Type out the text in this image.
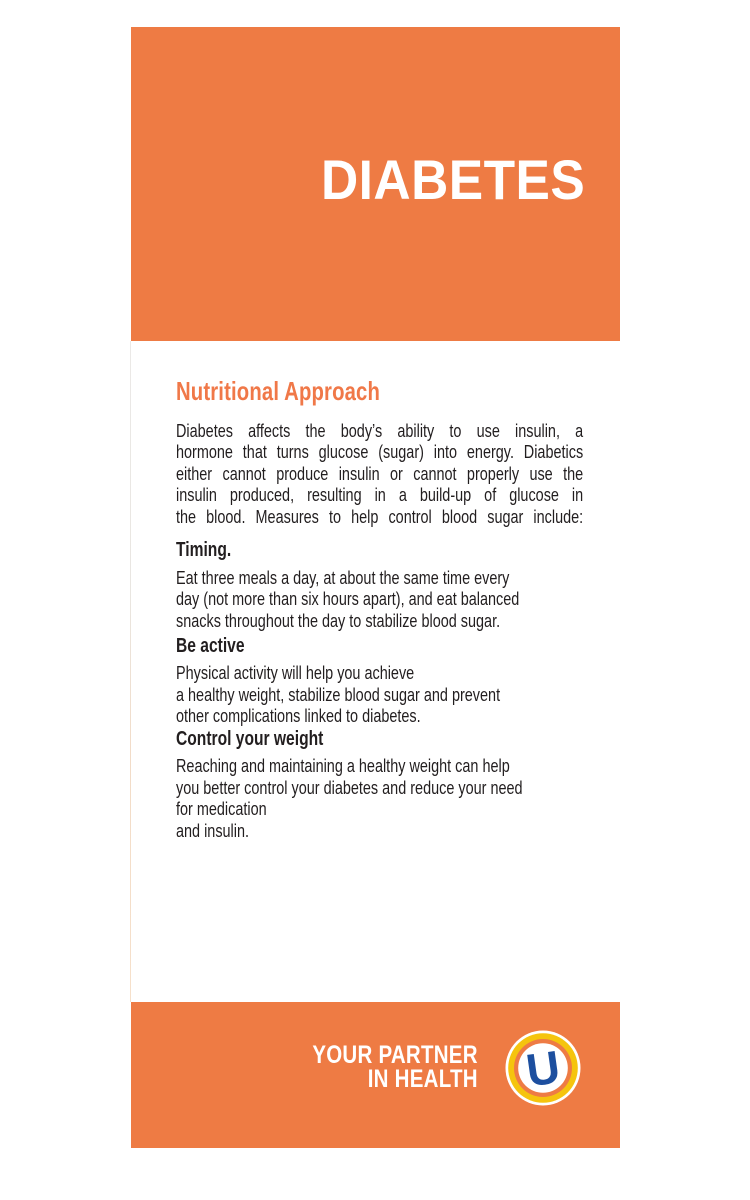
DIABETES
Nutritional Approach
Diabetes affects the body’s ability to use insulin, a
hormone that turns glucose (sugar) into energy. Diabetics
either cannot produce insulin or cannot properly use the
insulin produced, resulting in a build-up of glucose in
the blood. Measures to help control blood sugar include:
Timing.
Eat three meals a day, at about the same time every
day (not more than six hours apart), and eat balanced
snacks throughout the day to stabilize blood sugar.
Be active
Physical activity will help you achieve
a healthy weight, stabilize blood sugar and prevent
other complications linked to diabetes.
Control your weight
Reaching and maintaining a healthy weight can help
you better control your diabetes and reduce your need
for medication
and insulin.

YOUR PARTNER
IN HEALTH U
